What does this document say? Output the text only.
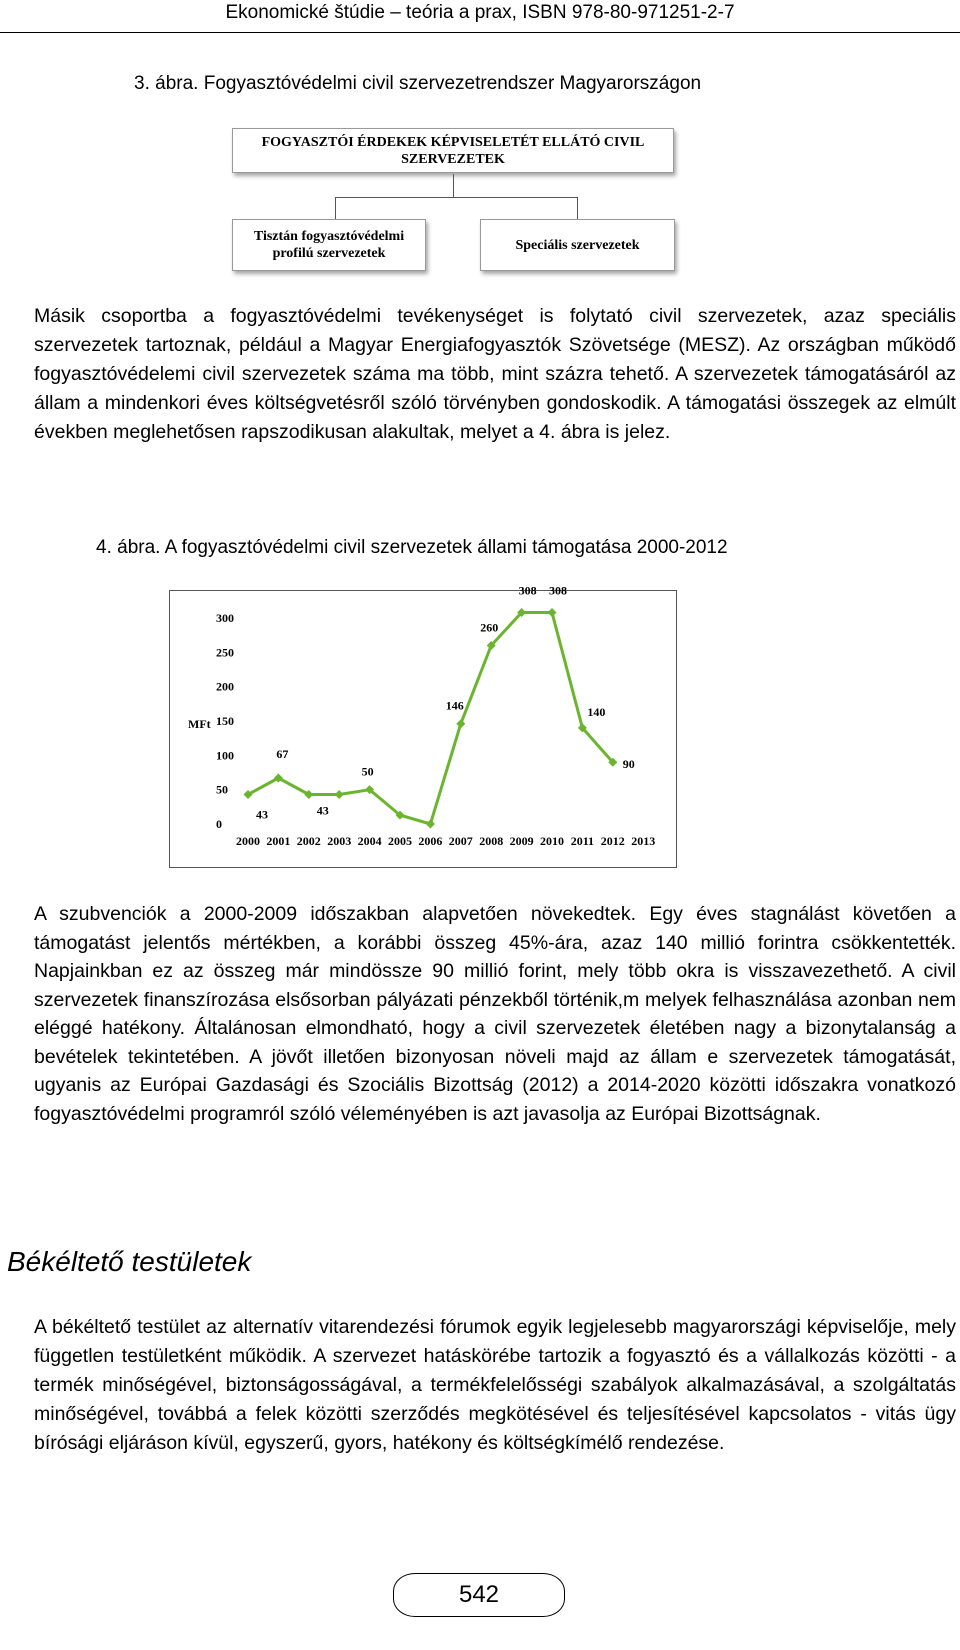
Ekonomické štúdie – teória a prax, ISBN 978-80-971251-2-7
3. ábra. Fogyasztóvédelmi civil szervezetrendszer Magyarországon
FOGYASZTÓI ÉRDEKEK KÉPVISELETÉT ELLÁTÓ CIVIL SZERVEZETEK
Tisztán fogyasztóvédelmi profilú szervezetek
Speciális szervezetek

Másik csoportba a fogyasztóvédelmi tevékenységet is folytató civil szervezetek, azaz speciális szervezetek tartoznak, például a Magyar Energiafogyasztók Szövetsége (MESZ). Az országban működő fogyasztóvédelemi civil szervezetek száma ma több, mint százra tehető. A szervezetek támogatásáról az állam a mindenkori éves költségvetésről szóló törvényben gondoskodik. A támogatási összegek az elmúlt években meglehetősen rapszodikusan alakultak, melyet a 4. ábra is jelez.

4. ábra. A fogyasztóvédelmi civil szervezetek állami támogatása 2000-2012
MFt
0
50
100
150
200
250
300
2000 2001 2002 2003 2004 2005 2006 2007 2008 2009 2010 2011 2012 2013
43
67
43
50
146
260
308 308
140
90

A szubvenciók a 2000-2009 időszakban alapvetően növekedtek. Egy éves stagnálást követően a támogatást jelentős mértékben, a korábbi összeg 45%-ára, azaz 140 millió forintra csökkentették. Napjainkban ez az összeg már mindössze 90 millió forint, mely több okra is visszavezethető. A civil szervezetek finanszírozása elsősorban pályázati pénzekből történik,m melyek felhasználása azonban nem eléggé hatékony. Általánosan elmondható, hogy a civil szervezetek életében nagy a bizonytalanság a bevételek tekintetében. A jövőt illetően bizonyosan növeli majd az állam e szervezetek támogatását, ugyanis az Európai Gazdasági és Szociális Bizottság (2012) a 2014-2020 közötti időszakra vonatkozó fogyasztóvédelmi programról szóló véleményében is azt javasolja az Európai Bizottságnak.

Békéltető testületek

A békéltető testület az alternatív vitarendezési fórumok egyik legjelesebb magyarországi képviselője, mely független testületként működik. A szervezet hatáskörébe tartozik a fogyasztó és a vállalkozás közötti - a termék minőségével, biztonságosságával, a termékfelelősségi szabályok alkalmazásával, a szolgáltatás minőségével, továbbá a felek közötti szerződés megkötésével és teljesítésével kapcsolatos - vitás ügy bírósági eljáráson kívül, egyszerű, gyors, hatékony és költségkímélő rendezése.

542
